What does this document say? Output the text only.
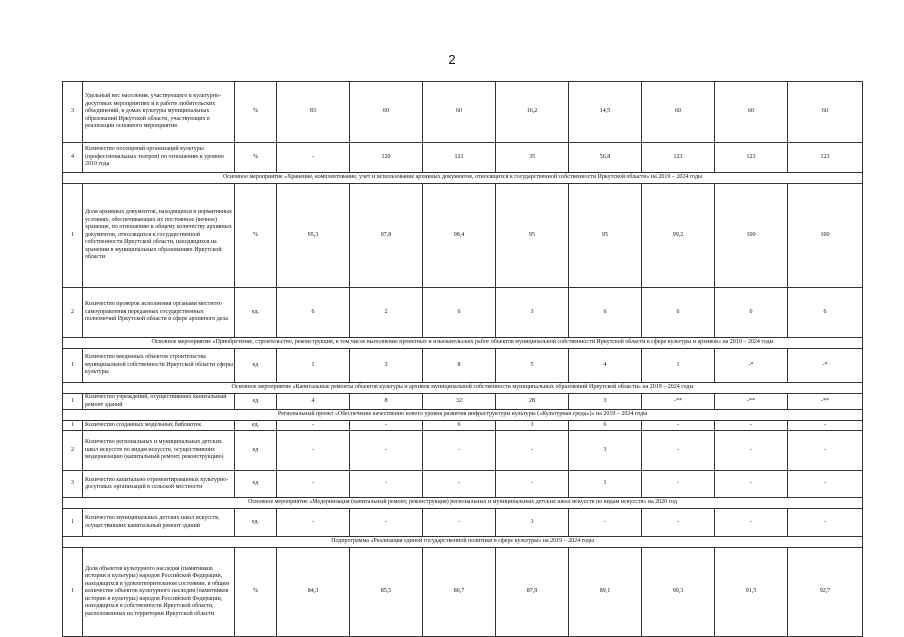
2
3	Удельный вес населения, участвующего в культурно-досуговых мероприятиях и в работе любительских объединений, в домах культуры муниципальных образований Иркутской области, участвующих в реализации основного мероприятия	%	83	60	60	16,2	14,5	60	60	60
4	Количество посещений организаций культуры (профессиональных театров) по отношению к уровню 2010 года	%	-	120	121	35	56,8	123	123	123
Основное мероприятие «Хранение, комплектование, учет и использование архивных документов, относящихся к государственной собственности Иркутской области» на 2019 – 2024 годы										
1	Доля архивных документов, находящихся в нормативных условиях, обеспечивающих их постоянное (вечное) хранение, по отношению к общему количеству архивных документов, относящихся к государственной собственности Иркутской области, находящихся на хранении в муниципальных образованиях Иркутской области	%	95,3	97,8	98,4	95	95	99,2	100	100
2	Количество проверок исполнения органами местного самоуправления переданных государственных полномочий Иркутской области в сфере архивного дела	ед.	6	2	6	3	6	6	6	6
Основное мероприятие «Приобретение, строительство, реконструкция, в том числе выполнение проектных и изыскательских работ объектов муниципальной собственности Иркутской области в сфере культуры и архивов» на 2019 – 2024 годы										
1	Количество введенных объектов строительства муниципальной собственности Иркутской области сферы культуры	ед	1	3	8	5	4	1	-*	-*
Основное мероприятие «Капитальные ремонты объектов культуры и архивов муниципальной собственности муниципальных образований Иркутской области» на 2019 – 2024 годы										
1	Количество учреждений, осуществивших капитальный ремонт зданий	ед	4	8	32	28	3	-**	-**	-**
Региональный проект «Обеспечение качественно нового уровня развития инфраструктуры культуры («Культурная среда»)» на 2019 – 2024 годы										
1	Количество созданных модельных библиотек	ед.	-	-	6	3	6	-	-	-
2	Количество региональных и муниципальных детских школ искусств по видам искусств, осуществивших модернизацию (капитальный ремонт, реконструкцию)	ед	-	-	-	-	3	-	-	-
3	Количество капитально отремонтированных культурно-досуговых организаций в сельской местности	ед	-	-	-	-	1	-	-	-
Основное мероприятие «Модернизация (капитальный ремонт, реконструкция) региональных и муниципальных детских школ искусств по видам искусств» на 2020 год										
1	Количество муниципальных детских школ искусств, осуществивших капитальный ремонт зданий	ед.	-	-	-	3	-	-	-	-
Подпрограмма «Реализация единой государственной политики в сфере культуры» на 2019 – 2024 годы										
1	Доля объектов культурного наследия (памятников истории и культуры) народов Российской Федерации, находящихся в удовлетворительном состоянии, в общем количестве объектов культурного наследия (памятников истории и культуры) народов Российской Федерации, находящихся в собственности Иркутской области, расположенных на территории Иркутской области	%	84,3	85,5	86,7	87,9	89,1	90,3	91,5	92,7
